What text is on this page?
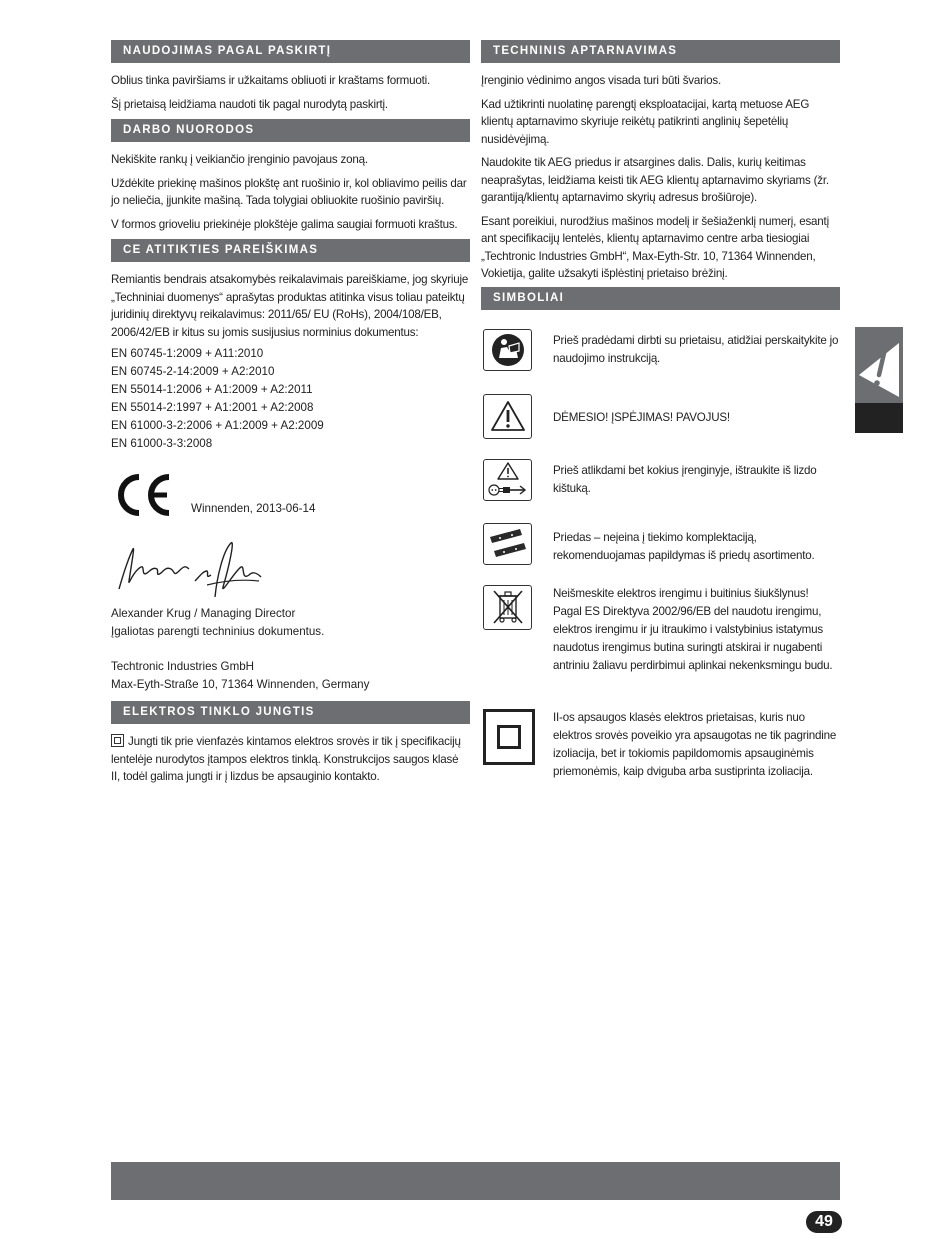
NAUDOJIMAS PAGAL PASKIRTĮ

Oblius tinka paviršiams ir užkaitams obliuoti ir kraštams formuoti.

Šį prietaisą leidžiama naudoti tik pagal nurodytą paskirtį.

DARBO NUORODOS

Nekiškite rankų į veikiančio įrenginio pavojaus zoną.

Uždėkite priekinę mašinos plokštę ant ruošinio ir, kol obliavimo peilis dar jo neliečia, įjunkite mašiną. Tada tolygiai obliuokite ruošinio paviršių.

V formos grioveliu priekinėje plokštėje galima saugiai formuoti kraštus.

CE ATITIKTIES PAREIŠKIMAS

Remiantis bendrais atsakomybės reikalavimais pareiškiame, jog skyriuje „Techniniai duomenys“ aprašytas produktas atitinka visus toliau pateiktų juridinių direktyvų reikalavimus: 2011/65/ EU (RoHs), 2004/108/EB, 2006/42/EB ir kitus su jomis susijusius norminius dokumentus:

EN 60745-1:2009 + A11:2010
EN 60745-2-14:2009 + A2:2010
EN 55014-1:2006 + A1:2009 + A2:2011
EN 55014-2:1997 + A1:2001 + A2:2008
EN 61000-3-2:2006 + A1:2009 + A2:2009
EN 61000-3-3:2008
Winnenden, 2013-06-14
Alexander Krug / Managing Director
Įgaliotas parengti techninius dokumentus.
Techtronic Industries GmbH
Max-Eyth-Straße 10, 71364 Winnenden, Germany
ELEKTROS TINKLO JUNGTIS

Jungti tik prie vienfazės kintamos elektros srovės ir tik į specifikacijų lentelėje nurodytos įtampos elektros tinklą. Konstrukcijos saugos klasė II, todėl galima jungti ir į lizdus be apsauginio kontakto.

TECHNINIS APTARNAVIMAS

Įrenginio vėdinimo angos visada turi būti švarios.

Kad užtikrinti nuolatinę parengtį eksploatacijai, kartą metuose AEG klientų aptarnavimo skyriuje reikėtų patikrinti anglinių šepetėlių nusidėvėjimą.

Naudokite tik AEG priedus ir atsargines dalis. Dalis, kurių keitimas neaprašytas, leidžiama keisti tik AEG klientų aptarnavimo skyriams (žr. garantiją/klientų aptarnavimo skyrių adresus brošiūroje).

Esant poreikiui, nurodžius mašinos modelį ir šešiaženklį numerį, esantį ant specifikacijų lentelės, klientų aptarnavimo centre arba tiesiogiai „Techtronic Industries GmbH“, Max-Eyth-Str. 10, 71364 Winnenden, Vokietija, galite užsakyti išplėstinį prietaiso brėžinį.

SIMBOLIAI
Prieš pradėdami dirbti su prietaisu, atidžiai perskaitykite jo naudojimo instrukciją.
DĖMESIO! ĮSPĖJIMAS! PAVOJUS!
Prieš atlikdami bet kokius įrenginyje, ištraukite iš lizdo kištuką.
Priedas – neįeina į tiekimo komplektaciją, rekomenduojamas papildymas iš priedų asortimento.
Neišmeskite elektros irengimu i buitinius šiukšlynus! Pagal ES Direktyva 2002/96/EB del naudotu irengimu, elektros irengimu ir ju itraukimo i valstybinius istatymus naudotus irengimus butina suringti atskirai ir nugabenti antriniu žaliavu perdirbimui aplinkai nekenksmingu budu.
II-os apsaugos klasės elektros prietaisas, kuris nuo elektros srovės poveikio yra apsaugotas ne tik pagrindine izoliacija, bet ir tokiomis papildomomis apsauginėmis priemonėmis, kaip dviguba arba sustiprinta izoliacija.
49
